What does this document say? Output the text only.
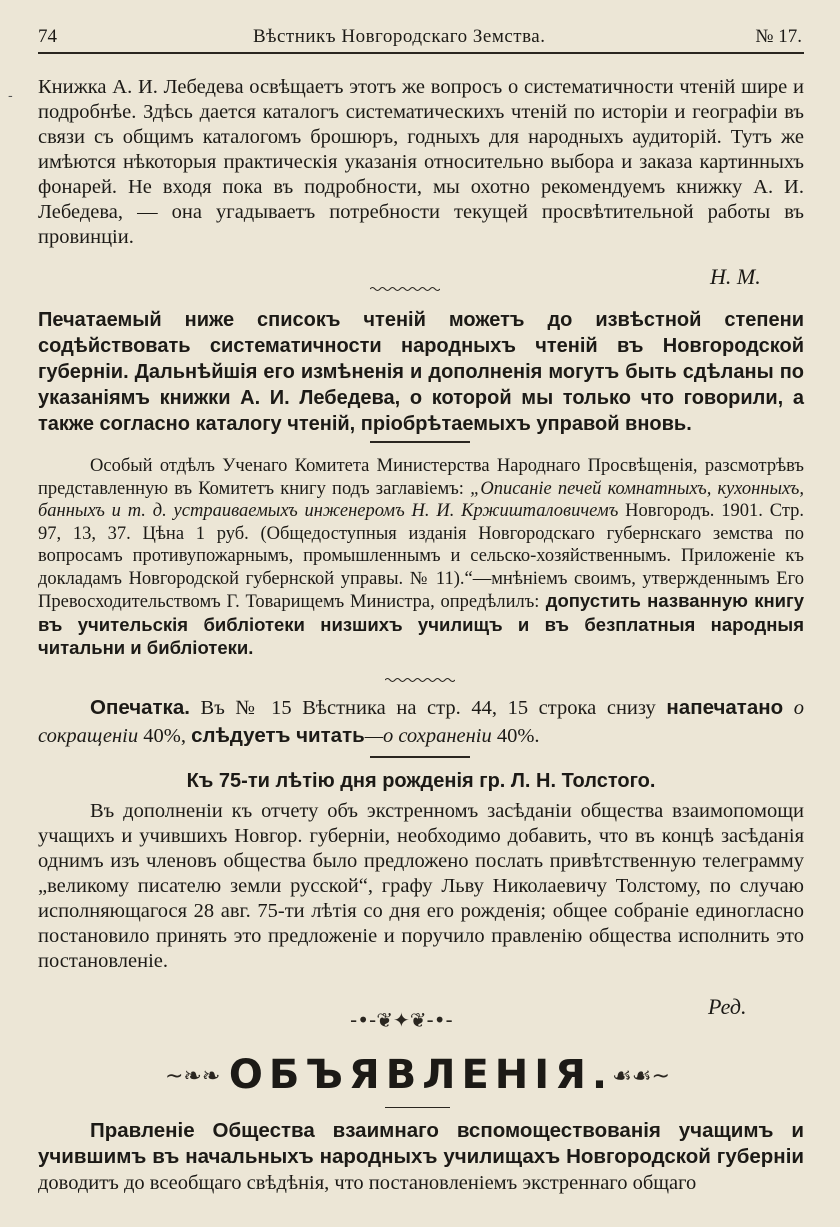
74	Вѣстникъ Новгородскаго Земства.	№ 17.
- Книжка А. И. Лебедева освѣщаетъ этотъ же вопросъ о систематичности чтеній шире и подробнѣе. Здѣсь дается каталогъ систематическихъ чтеній по исторіи и географіи въ связи съ общимъ каталогомъ брошюръ, годныхъ для народныхъ аудиторій. Тутъ же имѣются нѣкоторыя практическія указанія относительно выбора и заказа картинныхъ фонарей. Не входя пока въ подробности, мы охотно рекомендуемъ книжку А. И. Лебедева, — она угадываетъ потребности текущей просвѣтительной работы въ провинціи.
Н. М.
Печатаемый ниже списокъ чтеній можетъ до извѣстной степени содѣйствовать систематичности народныхъ чтеній въ Новгородской губерніи. Дальнѣйшія его измѣненія и дополненія могутъ быть сдѣланы по указаніямъ книжки А. И. Лебедева, о которой мы только что говорили, а также согласно каталогу чтеній, пріобрѣтаемыхъ управой вновь.
Особый отдѣлъ Ученаго Комитета Министерства Народнаго Просвѣщенія, разсмотрѣвъ представленную въ Комитетъ книгу подъ заглавіемъ: „Описаніе печей комнатныхъ, кухонныхъ, банныхъ и т. д. устраиваемыхъ инженеромъ Н. И. Кржишталовичемъ Новгородъ. 1901. Стр. 97, 13, 37. Цѣна 1 руб. (Общедоступныя изданія Новгородскаго губернскаго земства по вопросамъ противупожарнымъ, промышленнымъ и сельско-хозяйственнымъ. Приложеніе къ докладамъ Новгородской губернской управы. № 11).“—мнѣніемъ своимъ, утвержденнымъ Его Превосходительствомъ Г. Товарищемъ Министра, опредѣлилъ: допустить названную книгу въ учительскія библіотеки низшихъ училищъ и въ безплатныя народныя читальни и библіотеки.
Опечатка. Въ № 15 Вѣстника на стр. 44, 15 строка снизу напечатано о сокращеніи 40%, слѣдуетъ читать—о сохраненіи 40%.
Къ 75-ти лѣтію дня рожденія гр. Л. Н. Толстого.
Въ дополненіи къ отчету объ экстренномъ засѣданіи общества взаимопомощи учащихъ и учившихъ Новгор. губерніи, необходимо добавить, что въ концѣ засѣданія однимъ изъ членовъ общества было предложено послать привѣтственную телеграмму „великому писателю земли русской“, графу Льву Николаевичу Толстому, по случаю исполняющагося 28 авг. 75-ти лѣтія со дня его рожденія; общее собраніе единогласно постановило принять это предложеніе и поручило правленію общества исполнить это постановленіе.
Ред.
-•-❦✦❦-•-
~❧❧ ОБЪЯВЛЕНІЯ.
☙☙~
Правленіе Общества взаимнаго вспомоществованія учащимъ и учившимъ въ начальныхъ народныхъ училищахъ Новгородской губерніи доводитъ до всеобщаго свѣдѣнія, что постановленіемъ экстреннаго общаго
